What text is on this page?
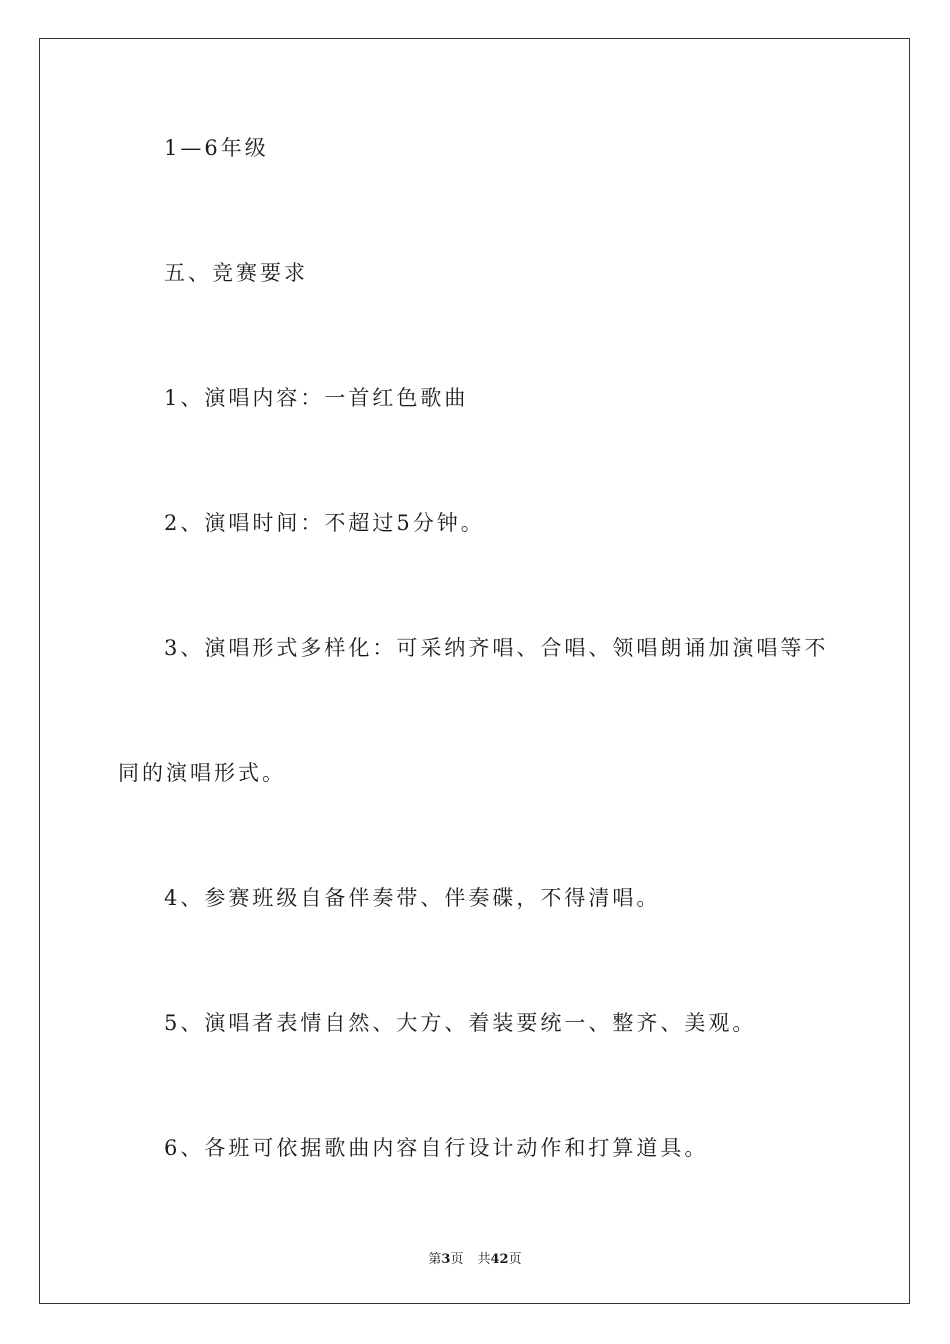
1—6年级
五、竞赛要求
1、演唱内容：一首红色歌曲
2、演唱时间：不超过5分钟。
3、演唱形式多样化：可采纳齐唱、合唱、领唱朗诵加演唱等不
同的演唱形式。
4、参赛班级自备伴奏带、伴奏碟，不得清唱。
5、演唱者表情自然、大方、着装要统一、整齐、美观。
6、各班可依据歌曲内容自行设计动作和打算道具。
第3页 共42页
